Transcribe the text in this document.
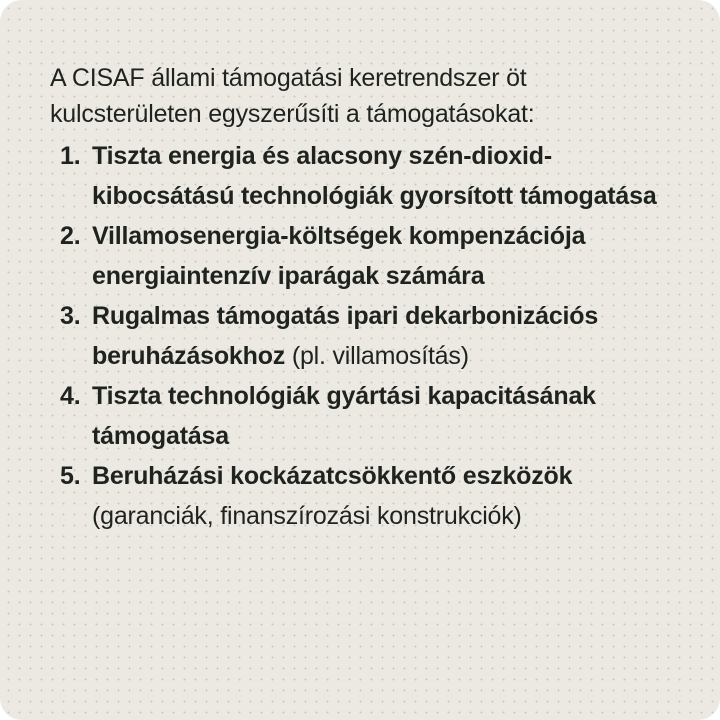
A CISAF állami támogatási keretrendszer öt kulcsterületen egyszerűsíti a támogatásokat:

1. Tiszta energia és alacsony szén-dioxid-kibocsátású technológiák gyorsított támogatása
2. Villamosenergia-költségek kompenzációja energiaintenzív iparágak számára
3. Rugalmas támogatás ipari dekarbonizációs beruházásokhoz (pl. villamosítás)
4. Tiszta technológiák gyártási kapacitásának támogatása
5. Beruházási kockázatcsökkentő eszközök (garanciák, finanszírozási konstrukciók)
